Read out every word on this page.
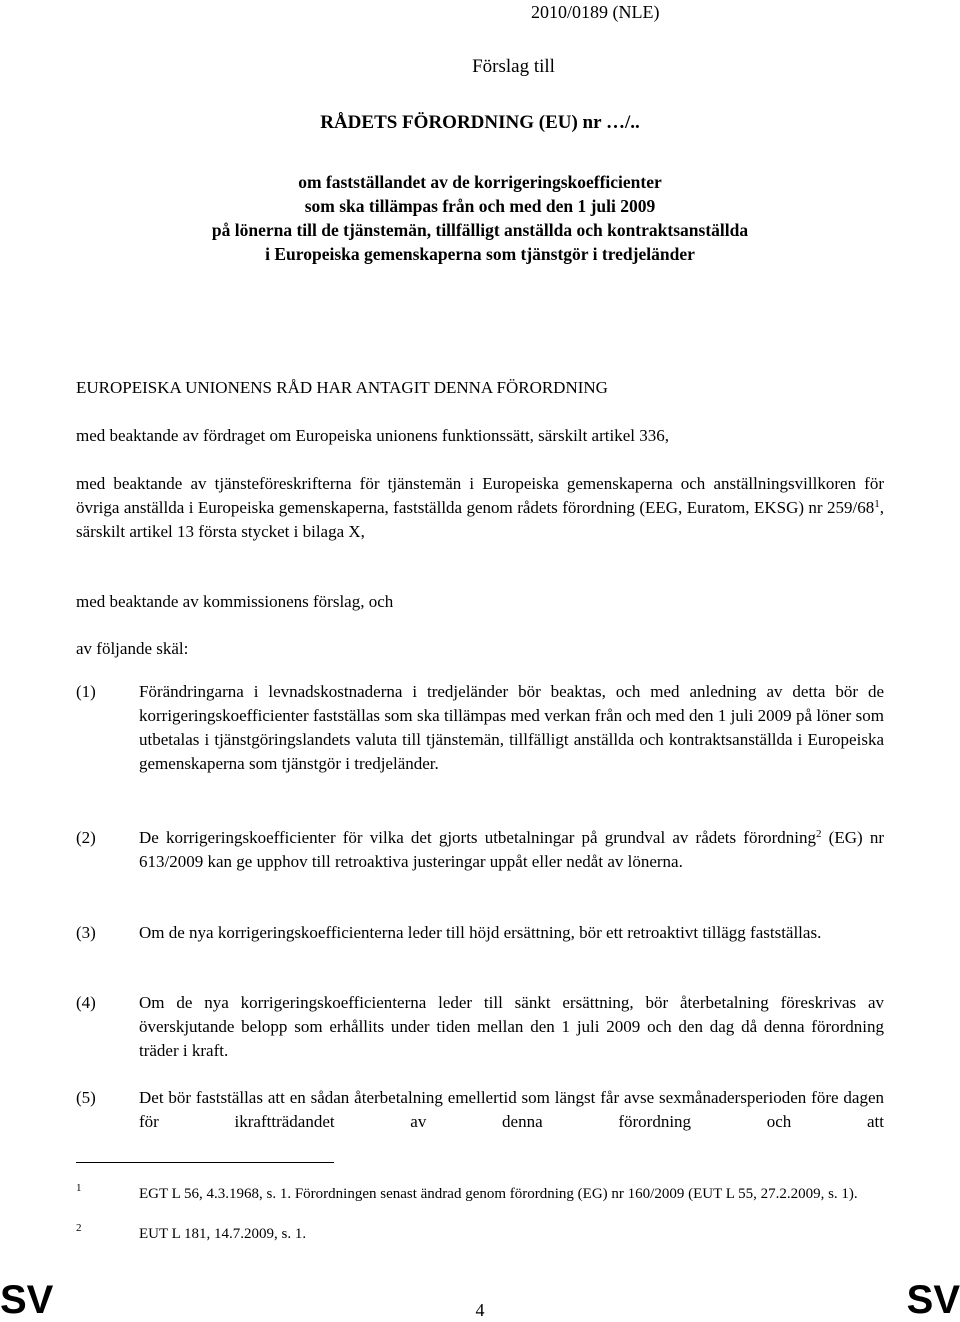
2010/0189 (NLE)
Förslag till
RÅDETS FÖRORDNING (EU) nr …/..
om fastställandet av de korrigeringskoefficienter
som ska tillämpas från och med den 1 juli 2009
på lönerna till de tjänstemän, tillfälligt anställda och kontraktsanställda
i Europeiska gemenskaperna som tjänstgör i tredjeländer
EUROPEISKA UNIONENS RÅD HAR ANTAGIT DENNA FÖRORDNING
med beaktande av fördraget om Europeiska unionens funktionssätt, särskilt artikel 336,
med beaktande av tjänsteföreskrifterna för tjänstemän i Europeiska gemenskaperna och anställningsvillkoren för övriga anställda i Europeiska gemenskaperna, fastställda genom rådets förordning (EEG, Euratom, EKSG) nr $259/68^1$, särskilt artikel 13 första stycket i bilaga X,
med beaktande av kommissionens förslag, och
av följande skäl:
(1)	Förändringarna i levnadskostnaderna i tredjeländer bör beaktas, och med anledning av detta bör de korrigeringskoefficienter fastställas som ska tillämpas med verkan från och med den 1 juli 2009 på löner som utbetalas i tjänstgöringslandets valuta till tjänstemän, tillfälligt anställda och kontraktsanställda i Europeiska gemenskaperna som tjänstgör i tredjeländer.
(2)	De korrigeringskoefficienter för vilka det gjorts utbetalningar på grundval av rådets förordning$^2$ (EG) nr 613/2009 kan ge upphov till retroaktiva justeringar uppåt eller nedåt av lönerna.
(3)	Om de nya korrigeringskoefficienterna leder till höjd ersättning, bör ett retroaktivt tillägg fastställas.
(4)	Om de nya korrigeringskoefficienterna leder till sänkt ersättning, bör återbetalning föreskrivas av överskjutande belopp som erhållits under tiden mellan den 1 juli 2009 och den dag då denna förordning träder i kraft.
(5)	Det bör fastställas att en sådan återbetalning emellertid som längst får avse sexmånadersperioden före dagen för ikraftträdandet av denna förordning och att
1	EGT L 56, 4.3.1968, s. 1. Förordningen senast ändrad genom förordning (EG) nr 160/2009 (EUT L 55, 27.2.2009, s. 1).
2	EUT L 181, 14.7.2009, s. 1.
SV	4	SV
